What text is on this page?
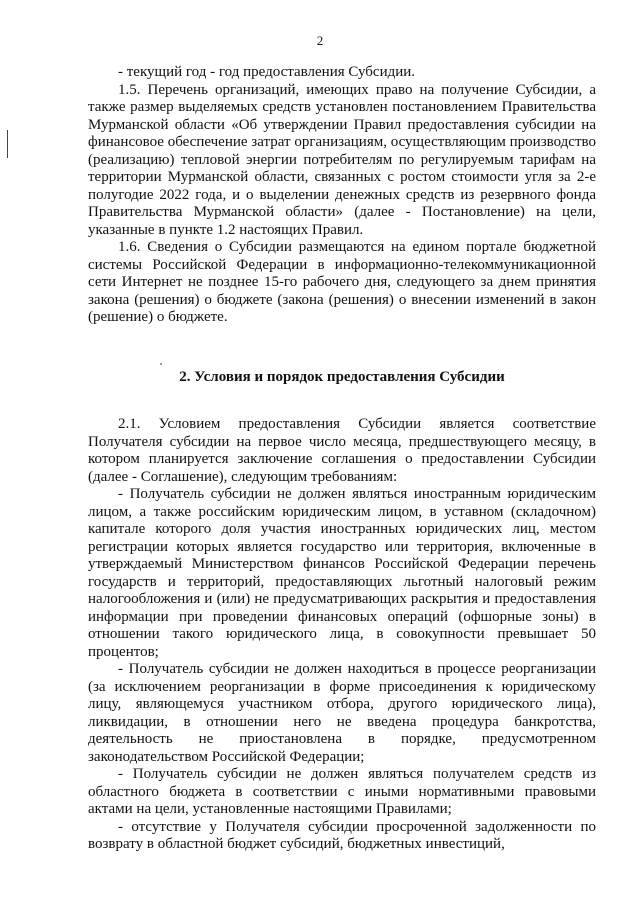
2

- текущий год - год предоставления Субсидии.

1.5. Перечень организаций, имеющих право на получение Субсидии, а также размер выделяемых средств установлен постановлением Правительства Мурманской области «Об утверждении Правил предоставления субсидии на финансовое обеспечение затрат организациям, осуществляющим производство (реализацию) тепловой энергии потребителям по регулируемым тарифам на территории Мурманской области, связанных с ростом стоимости угля за 2-е полугодие 2022 года, и о выделении денежных средств из резервного фонда Правительства Мурманской области» (далее - Постановление) на цели, указанные в пункте 1.2 настоящих Правил.

1.6. Сведения о Субсидии размещаются на едином портале бюджетной системы Российской Федерации в информационно-телекоммуникационной сети Интернет не позднее 15-го рабочего дня, следующего за днем принятия закона (решения) о бюджете (закона (решения) о внесении изменений в закон (решение) о бюджете.

2. Условия и порядок предоставления Субсидии

2.1. Условием предоставления Субсидии является соответствие Получателя субсидии на первое число месяца, предшествующего месяцу, в котором планируется заключение соглашения о предоставлении Субсидии (далее - Соглашение), следующим требованиям:

- Получатель субсидии не должен являться иностранным юридическим лицом, а также российским юридическим лицом, в уставном (складочном) капитале которого доля участия иностранных юридических лиц, местом регистрации которых является государство или территория, включенные в утверждаемый Министерством финансов Российской Федерации перечень государств и территорий, предоставляющих льготный налоговый режим налогообложения и (или) не предусматривающих раскрытия и предоставления информации при проведении финансовых операций (офшорные зоны) в отношении такого юридического лица, в совокупности превышает 50 процентов;

- Получатель субсидии не должен находиться в процессе реорганизации (за исключением реорганизации в форме присоединения к юридическому лицу, являющемуся участником отбора, другого юридического лица), ликвидации, в отношении него не введена процедура банкротства, деятельность не приостановлена в порядке, предусмотренном законодательством Российской Федерации;

- Получатель субсидии не должен являться получателем средств из областного бюджета в соответствии с иными нормативными правовыми актами на цели, установленные настоящими Правилами;

- отсутствие у Получателя субсидии просроченной задолженности по возврату в областной бюджет субсидий, бюджетных инвестиций,
